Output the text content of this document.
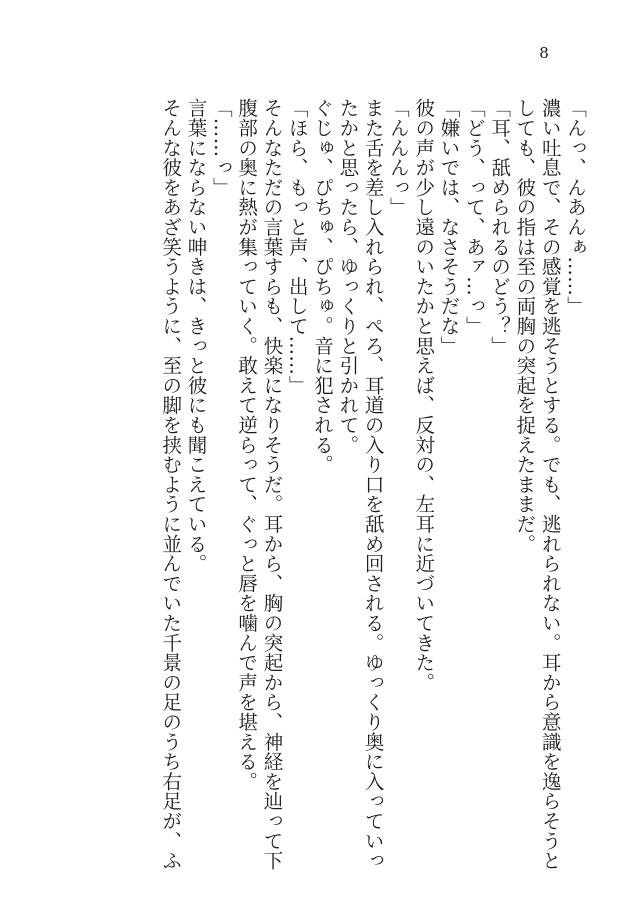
8
「んっ、んあんぁ……」
濃い吐息で、その感覚を逃そうとする。でも、逃れられない。耳から意識を逸らそうと
しても、彼の指は至の両胸の突起を捉えたままだ。
「耳、舐められるのどう？」
「どう、って、あァ…っ」
「嫌いでは、なさそうだな」
彼の声が少し遠のいたかと思えば、反対の、左耳に近づいてきた。
「んんんっ」
また舌を差し入れられ、ぺろ、耳道の入り口を舐め回される。ゆっくり奥に入っていっ
たかと思ったら、ゆっくりと引かれて。
ぐじゅ、ぴちゅ、ぴちゅ。音に犯される。
「ほら、もっと声、出して……」
そんなただの言葉すらも、快楽になりそうだ。耳から、胸の突起から、神経を辿って下
腹部の奥に熱が集っていく。敢えて逆らって、ぐっと唇を噛んで声を堪える。
「……っ」
言葉にならない呻きは、きっと彼にも聞こえている。
そんな彼をあざ笑うように、至の脚を挟むように並んでいた千景の足のうち右足が、ふ
